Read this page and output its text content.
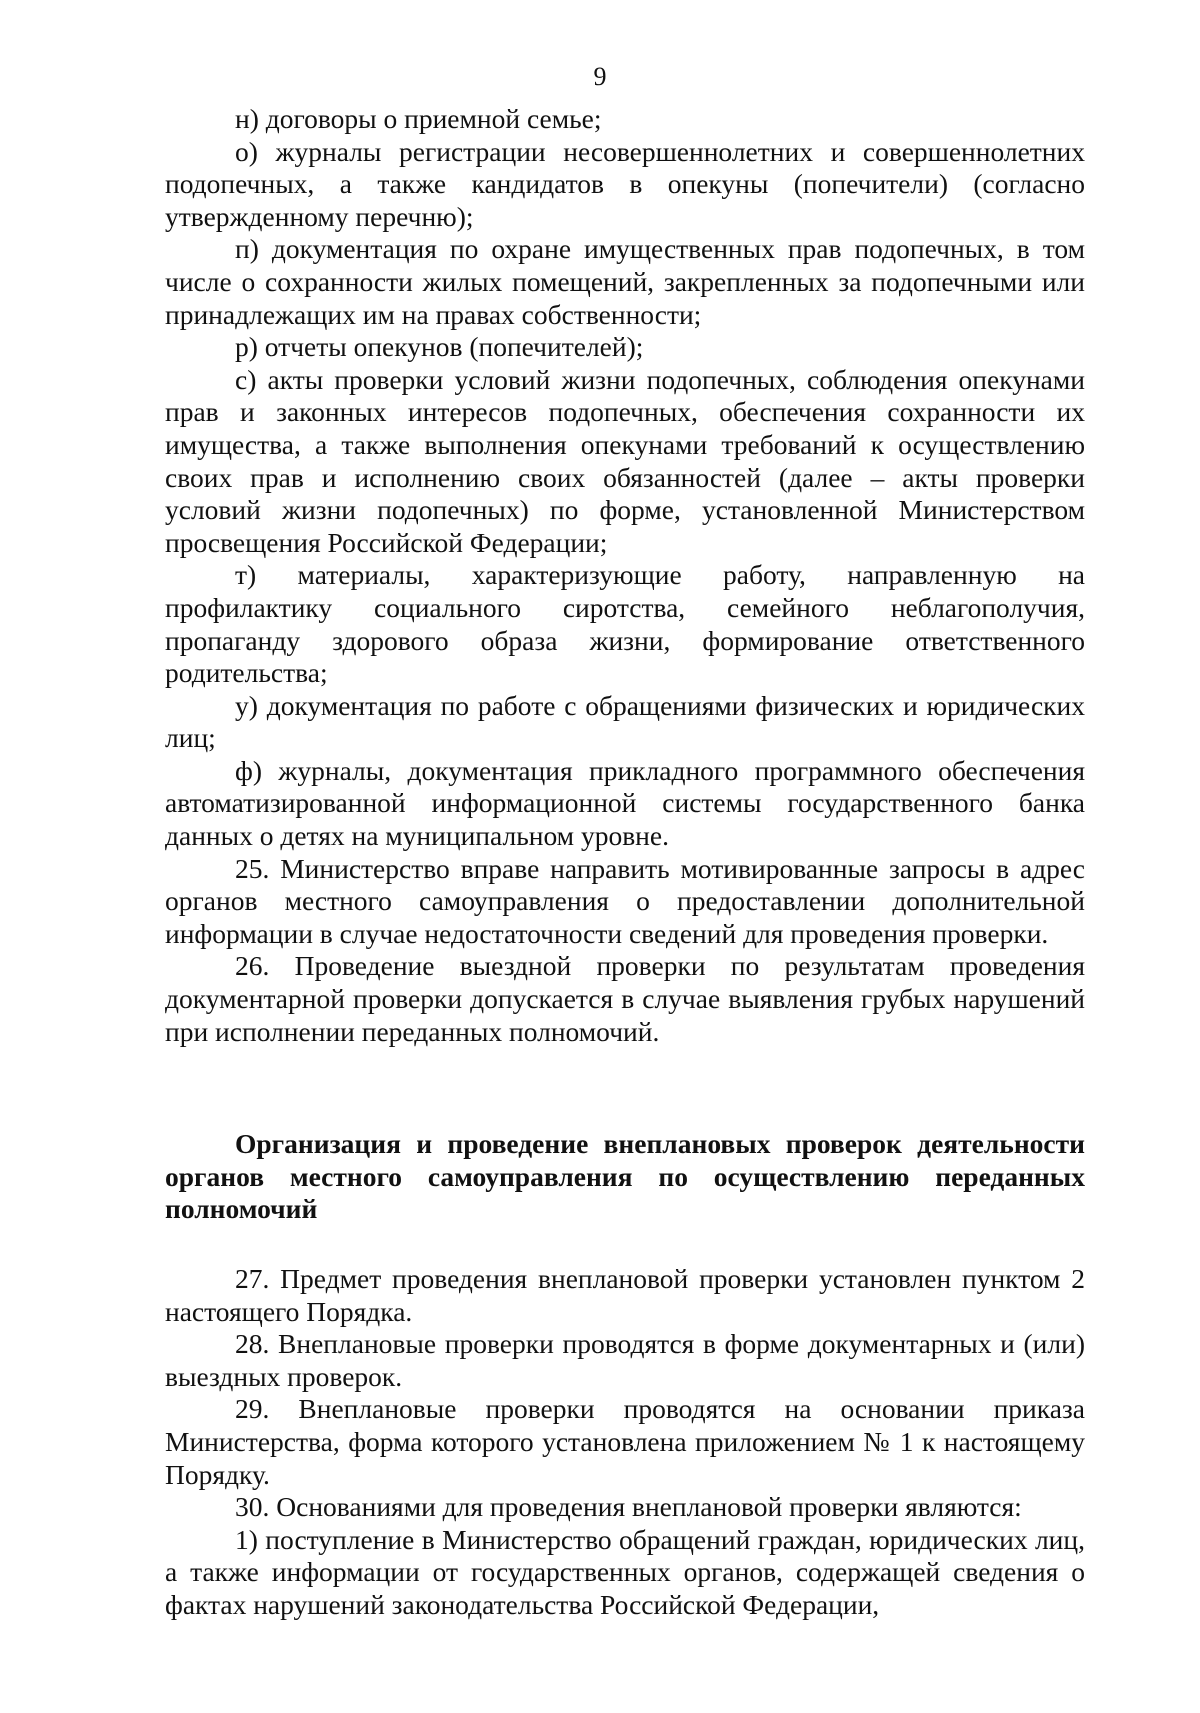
9

н) договоры о приемной семье;

о) журналы регистрации несовершеннолетних и совершеннолетних подопечных, а также кандидатов в опекуны (попечители) (согласно утвержденному перечню);

п) документация по охране имущественных прав подопечных, в том числе о сохранности жилых помещений, закрепленных за подопечными или принадлежащих им на правах собственности;

р) отчеты опекунов (попечителей);

с) акты проверки условий жизни подопечных, соблюдения опекунами прав и законных интересов подопечных, обеспечения сохранности их имущества, а также выполнения опекунами требований к осуществлению своих прав и исполнению своих обязанностей (далее – акты проверки условий жизни подопечных) по форме, установленной Министерством просвещения Российской Федерации;

т) материалы, характеризующие работу, направленную на профилактику социального сиротства, семейного неблагополучия, пропаганду здорового образа жизни, формирование ответственного родительства;

у) документация по работе с обращениями физических и юридических лиц;

ф) журналы, документация прикладного программного обеспечения автоматизированной информационной системы государственного банка данных о детях на муниципальном уровне.

25. Министерство вправе направить мотивированные запросы в адрес органов местного самоуправления о предоставлении дополнительной информации в случае недостаточности сведений для проведения проверки.

26. Проведение выездной проверки по результатам проведения документарной проверки допускается в случае выявления грубых нарушений при исполнении переданных полномочий.

Организация и проведение внеплановых проверок деятельности органов местного самоуправления по осуществлению переданных полномочий

27. Предмет проведения внеплановой проверки установлен пунктом 2 настоящего Порядка.

28. Внеплановые проверки проводятся в форме документарных и (или) выездных проверок.

29. Внеплановые проверки проводятся на основании приказа Министерства, форма которого установлена приложением № 1 к настоящему Порядку.

30. Основаниями для проведения внеплановой проверки являются:

1) поступление в Министерство обращений граждан, юридических лиц, а также информации от государственных органов, содержащей сведения о фактах нарушений законодательства Российской Федерации,
